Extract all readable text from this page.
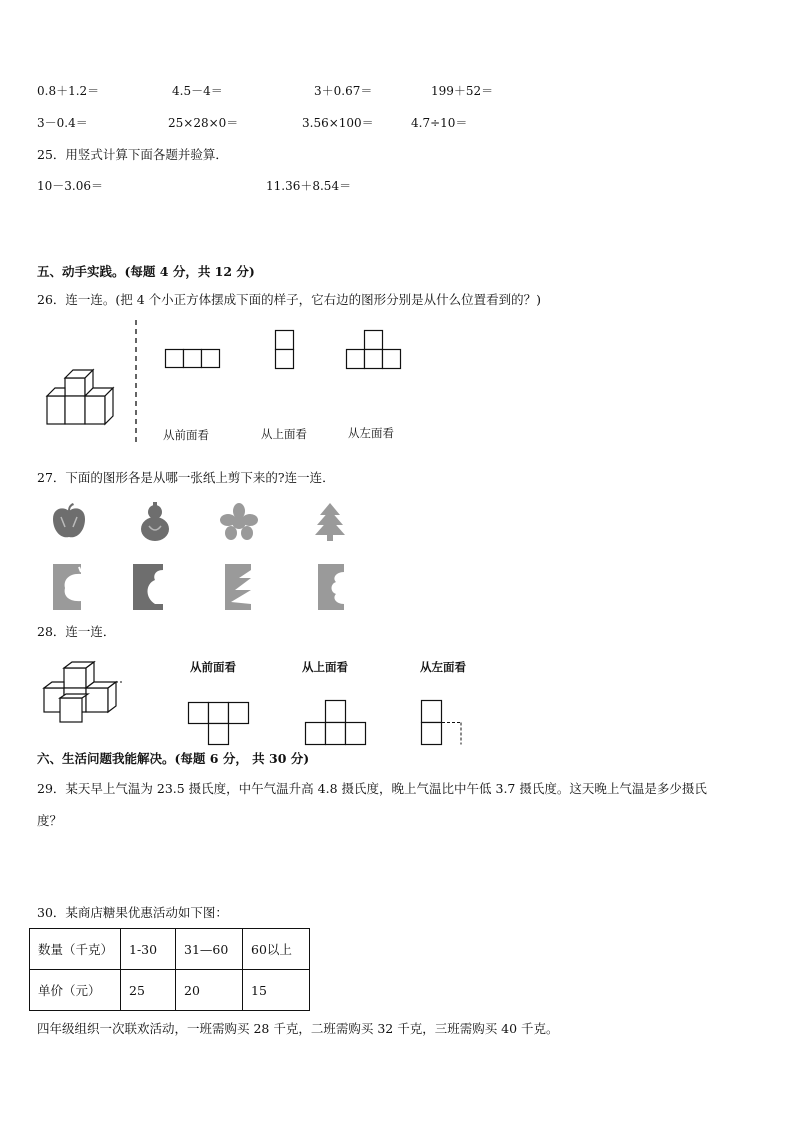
0.8＋1.2＝	4.5－4＝	3＋0.67＝	199＋52＝
3－0.4＝	25×28×0＝	3.56×100＝	4.7÷10＝
25．用竖式计算下面各题并验算．
10－3.06＝	11.36＋8.54＝
五、动手实践。(每题 4 分，共 12 分)
26．连一连。(把 4 个小正方体摆成下面的样子，它右边的图形分别是从什么位置看到的？)
从前面看	从上面看	从左面看
27．下面的图形各是从哪一张纸上剪下来的?连一连．
28．连一连．
从前面看	从上面看	从左面看
六、生活问题我能解决。(每题 6 分， 共 30 分)
29．某天早上气温为 23.5 摄氏度，中午气温升高 4.8 摄氏度，晚上气温比中午低 3.7 摄氏度。这天晚上气温是多少摄氏
度？
30．某商店糖果优惠活动如下图：
数量（千克）	1-30	31—60	60以上
单价（元）	25	20	15
四年级组织一次联欢活动，一班需购买 28 千克，二班需购买 32 千克，三班需购买 40 千克。
